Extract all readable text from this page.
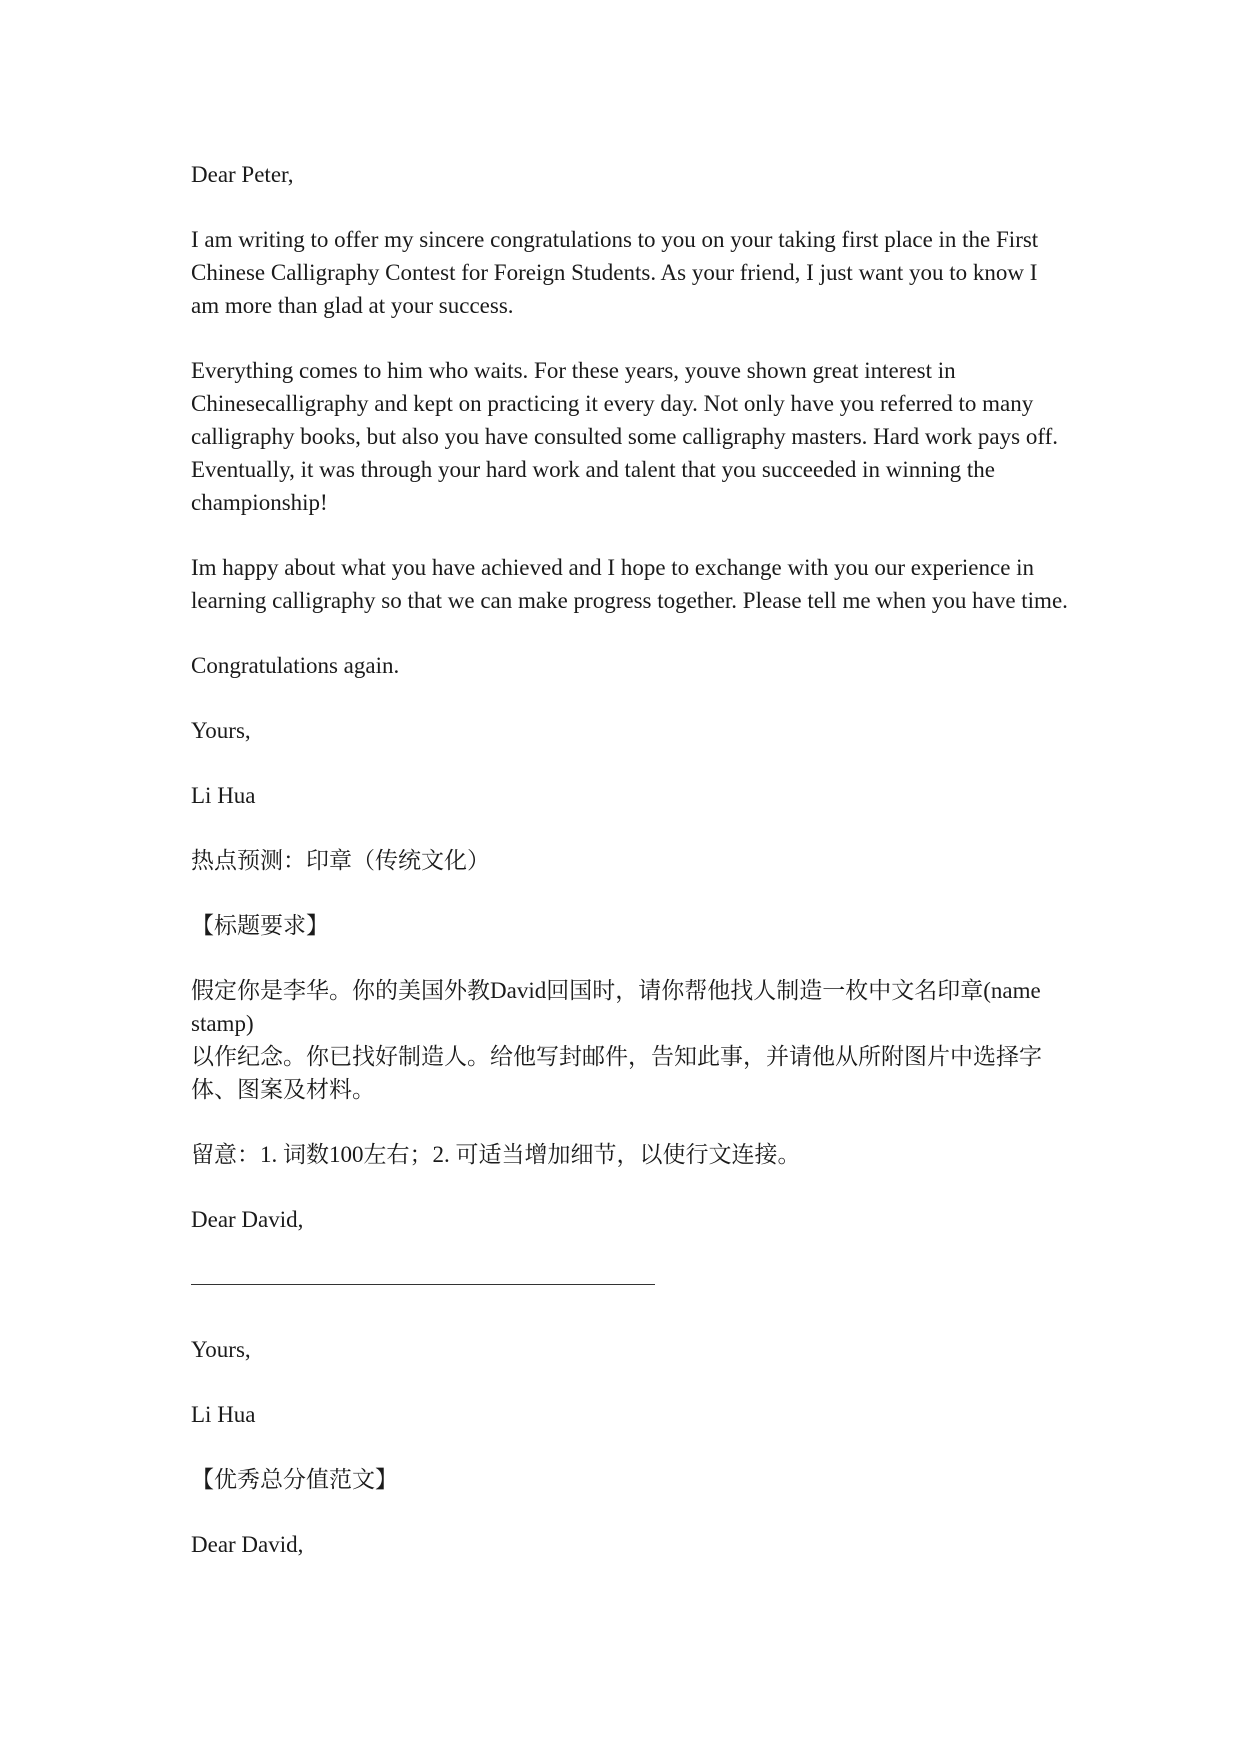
Dear Peter,

I am writing to offer my sincere congratulations to you on your taking first place in the First Chinese Calligraphy Contest for Foreign Students. As your friend, I just want you to know I am more than glad at your success.

Everything comes to him who waits. For these years, youve shown great interest in Chinesecalligraphy and kept on practicing it every day. Not only have you referred to many calligraphy books, but also you have consulted some calligraphy masters. Hard work pays off. Eventually, it was through your hard work and talent that you succeeded in winning the championship!

Im happy about what you have achieved and I hope to exchange with you our experience in learning calligraphy so that we can make progress together. Please tell me when you have time.

Congratulations again.

Yours,

Li Hua

热点预测：印章（传统文化）

【标题要求】

假定你是李华。你的美国外教David回国时，请你帮他找人制造一枚中文名印章(name stamp)
以作纪念。你已找好制造人。给他写封邮件，告知此事，并请他从所附图片中选择字体、图案及材料。

留意：1. 词数100左右；2. 可适当增加细节，以使行文连接。

Dear David,

Yours,

Li Hua

【优秀总分值范文】

Dear David,
